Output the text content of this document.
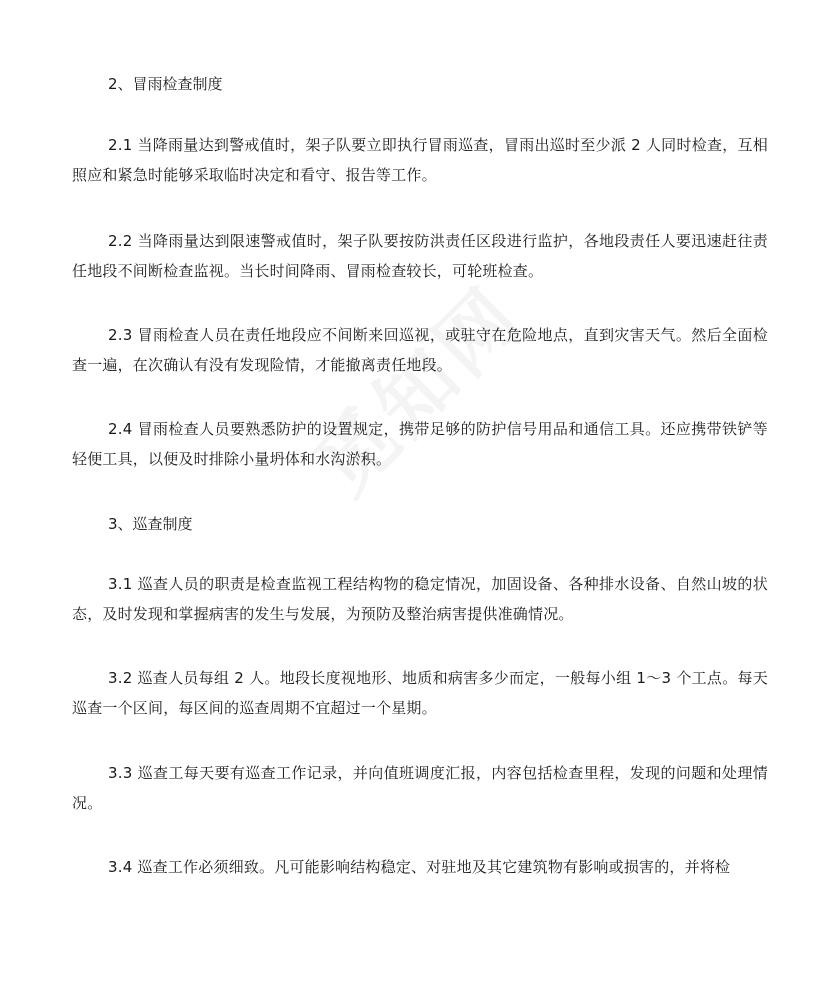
2、冒雨检查制度

2.1 当降雨量达到警戒值时，架子队要立即执行冒雨巡查，冒雨出巡时至少派 2 人同时检查，互相照应和紧急时能够采取临时决定和看守、报告等工作。

2.2 当降雨量达到限速警戒值时，架子队要按防洪责任区段进行监护，各地段责任人要迅速赶往责任地段不间断检查监视。当长时间降雨、冒雨检查较长，可轮班检查。

2.3 冒雨检查人员在责任地段应不间断来回巡视，或驻守在危险地点，直到灾害天气。然后全面检查一遍，在次确认有没有发现险情，才能撤离责任地段。

2.4 冒雨检查人员要熟悉防护的设置规定，携带足够的防护信号用品和通信工具。还应携带铁铲等轻便工具，以便及时排除小量坍体和水沟淤积。

3、巡查制度

3.1 巡查人员的职责是检查监视工程结构物的稳定情况，加固设备、各种排水设备、自然山坡的状态，及时发现和掌握病害的发生与发展，为预防及整治病害提供准确情况。

3.2 巡查人员每组 2 人。地段长度视地形、地质和病害多少而定，一般每小组 1～3 个工点。每天巡查一个区间，每区间的巡查周期不宜超过一个星期。

3.3 巡查工每天要有巡查工作记录，并向值班调度汇报，内容包括检查里程，发现的问题和处理情况。

3.4 巡查工作必须细致。凡可能影响结构稳定、对驻地及其它建筑物有影响或损害的，并将检
